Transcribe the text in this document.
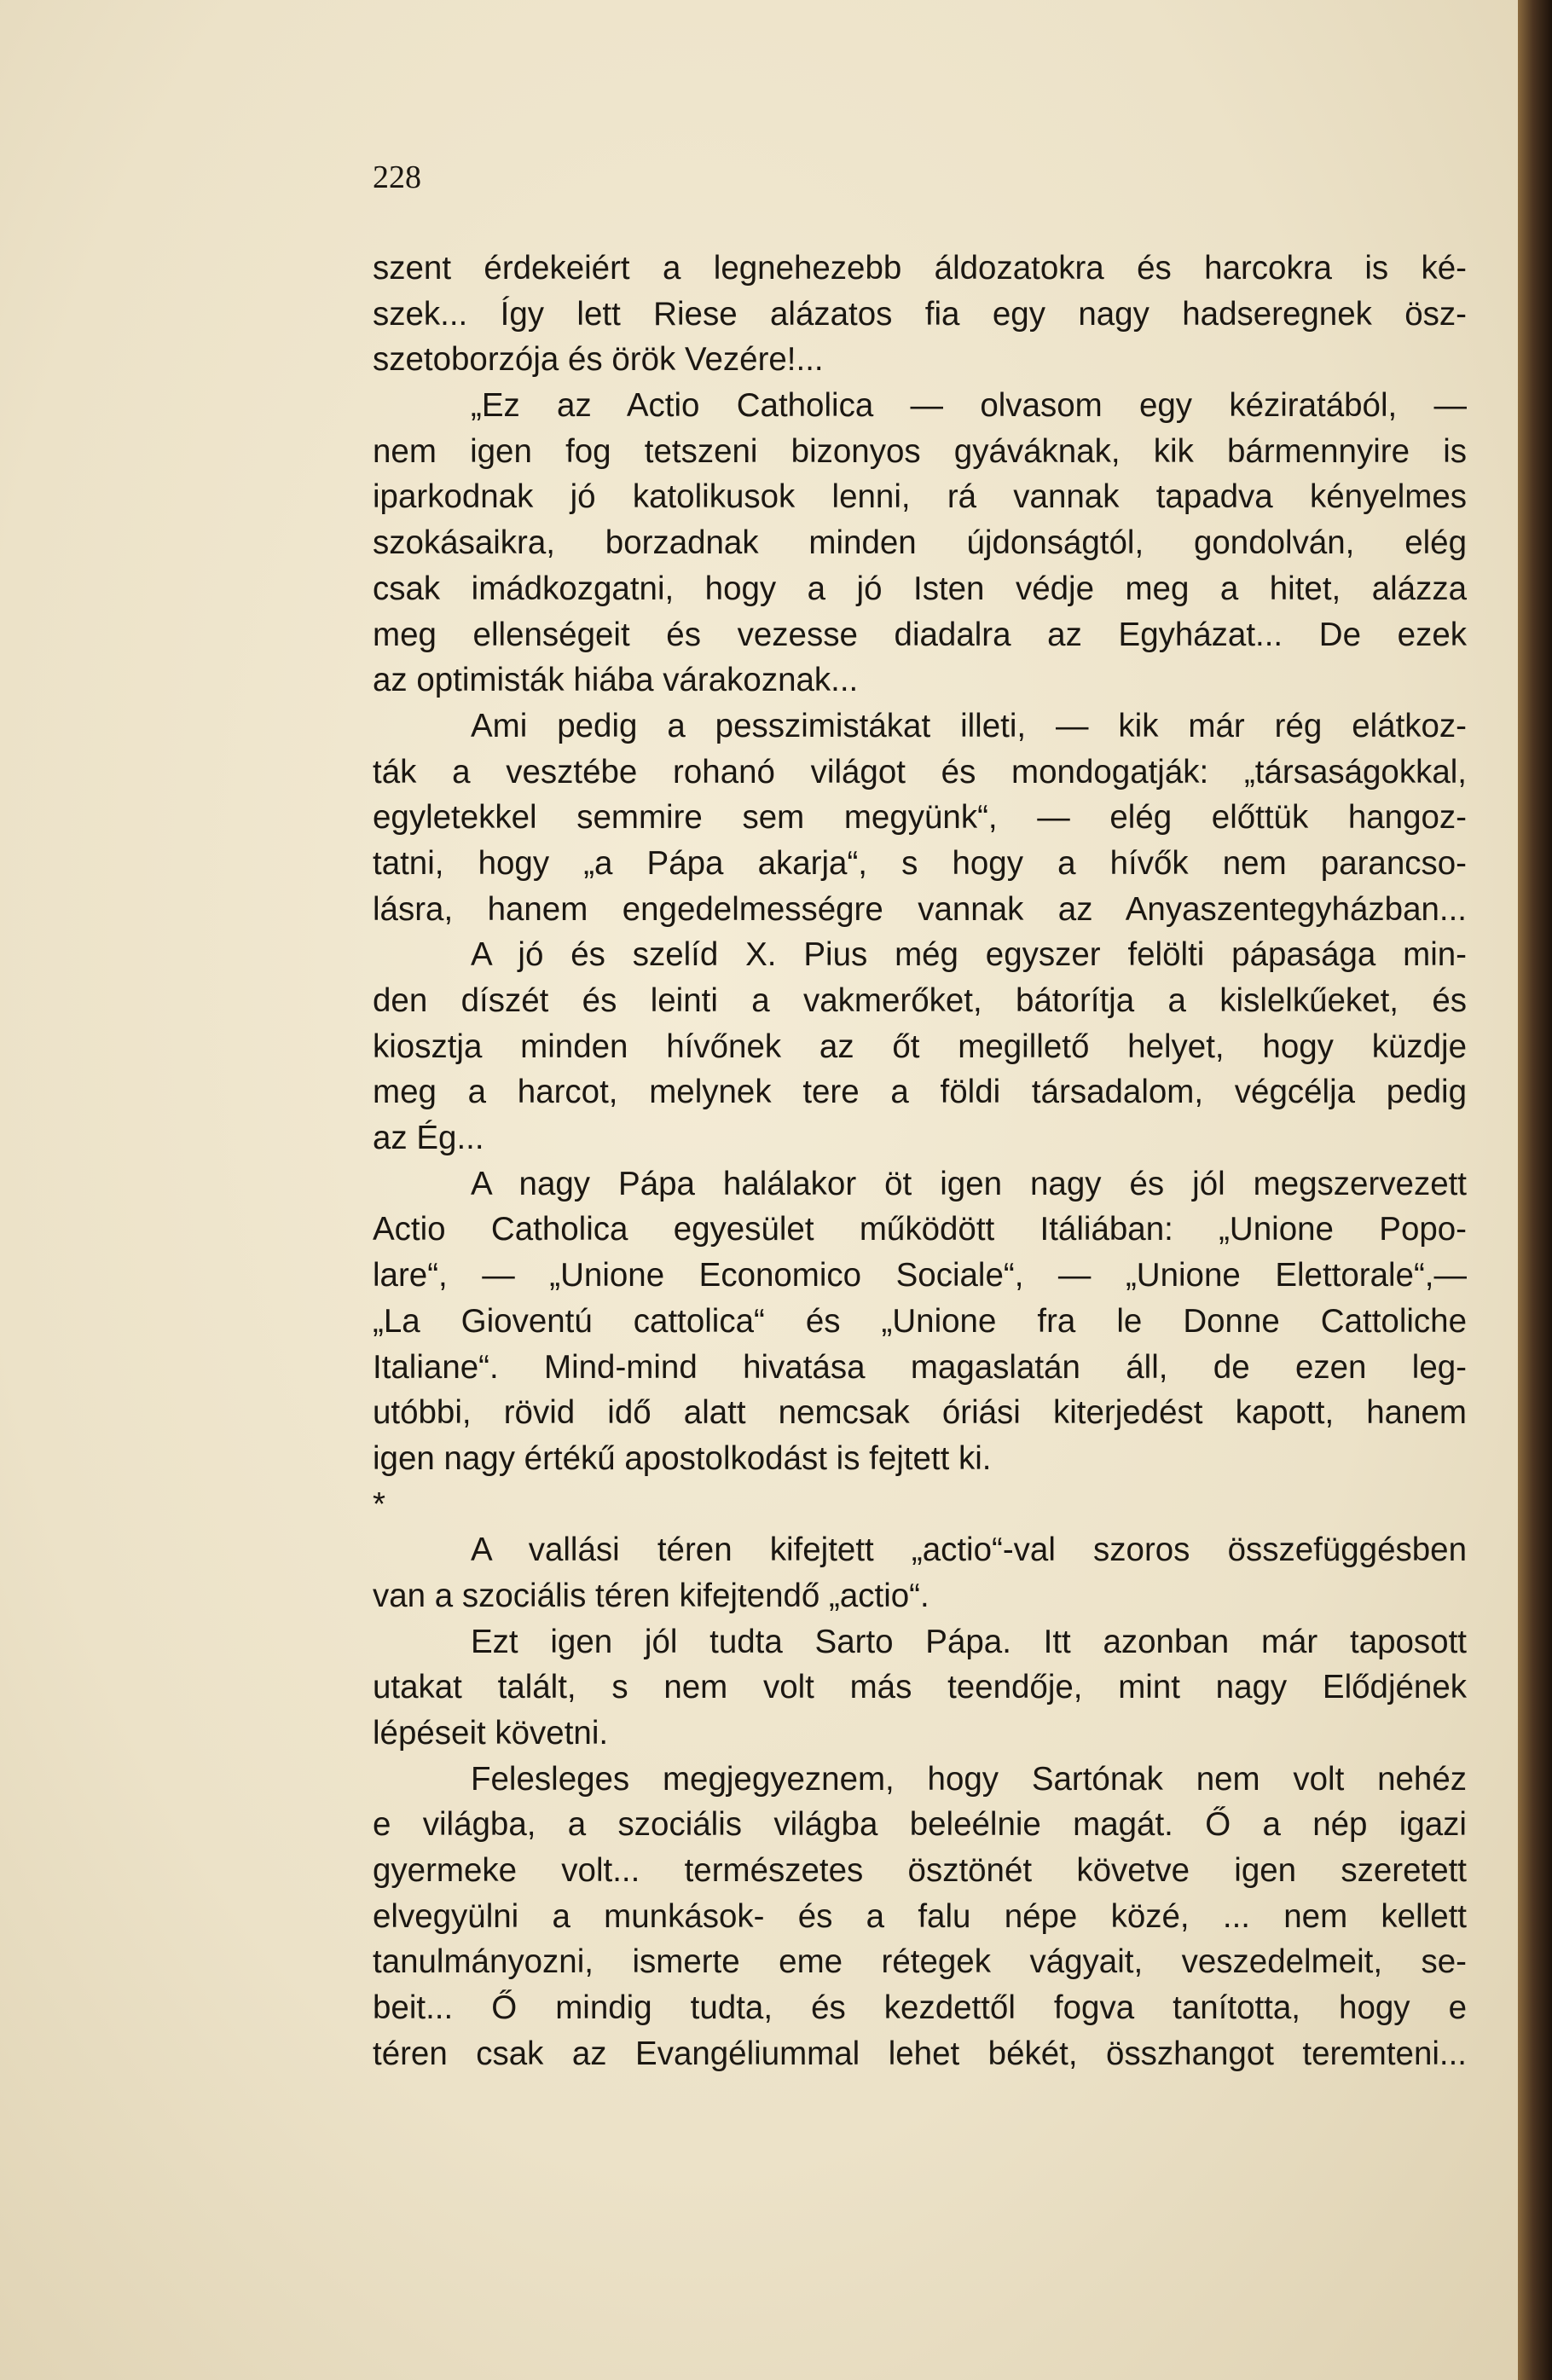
228
szent érdekeiért a legnehezebb áldozatokra és harcokra is ké-
szek... Így lett Riese alázatos fia egy nagy hadseregnek ösz-
szetoborzója és örök Vezére!...
„Ez az Actio Catholica — olvasom egy kéziratából, —
nem igen fog tetszeni bizonyos gyáváknak, kik bármennyire is
iparkodnak jó katolikusok lenni, rá vannak tapadva kényelmes
szokásaikra, borzadnak minden újdonságtól, gondolván, elég
csak imádkozgatni, hogy a jó Isten védje meg a hitet, alázza
meg ellenségeit és vezesse diadalra az Egyházat... De ezek
az optimisták hiába várakoznak...
Ami pedig a pesszimistákat illeti, — kik már rég elátkoz-
ták a vesztébe rohanó világot és mondogatják: „társaságokkal,
egyletekkel semmire sem megyünk“, — elég előttük hangoz-
tatni, hogy „a Pápa akarja“, s hogy a hívők nem parancso-
lásra, hanem engedelmességre vannak az Anyaszentegyházban...
A jó és szelíd X. Pius még egyszer felölti pápasága min-
den díszét és leinti a vakmerőket, bátorítja a kislelkűeket, és
kiosztja minden hívőnek az őt megillető helyet, hogy küzdje
meg a harcot, melynek tere a földi társadalom, végcélja pedig
az Ég...
A nagy Pápa halálakor öt igen nagy és jól megszervezett
Actio Catholica egyesület működött Itáliában: „Unione Popo-
lare“, — „Unione Economico Sociale“, — „Unione Elettorale“,—
„La Gioventú cattolica“ és „Unione fra le Donne Cattoliche
Italiane“. Mind-mind hivatása magaslatán áll, de ezen leg-
utóbbi, rövid idő alatt nemcsak óriási kiterjedést kapott, hanem
igen nagy értékű apostolkodást is fejtett ki.
*
A vallási téren kifejtett „actio“-val szoros összefüggésben
van a szociális téren kifejtendő „actio“.
Ezt igen jól tudta Sarto Pápa. Itt azonban már taposott
utakat talált, s nem volt más teendője, mint nagy Elődjének
lépéseit követni.
Felesleges megjegyeznem, hogy Sartónak nem volt nehéz
e világba, a szociális világba beleélnie magát. Ő a nép igazi
gyermeke volt... természetes ösztönét követve igen szeretett
elvegyülni a munkások- és a falu népe közé, ... nem kellett
tanulmányozni, ismerte eme rétegek vágyait, veszedelmeit, se-
beit... Ő mindig tudta, és kezdettől fogva tanította, hogy e
téren csak az Evangéliummal lehet békét, összhangot teremteni...
